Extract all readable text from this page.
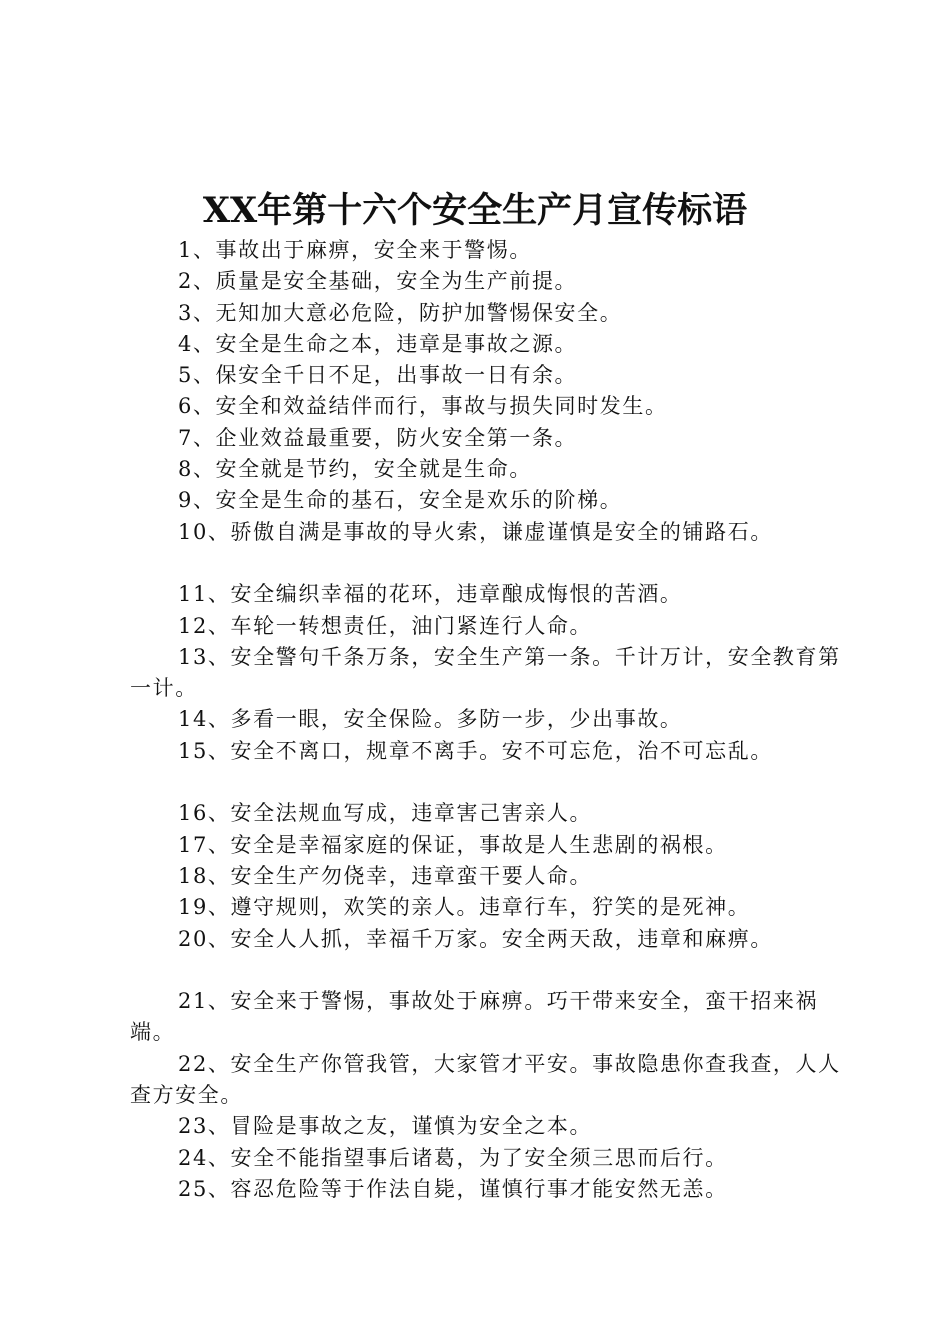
XX年第十六个安全生产月宣传标语

1、事故出于麻痹，安全来于警惕。

2、质量是安全基础，安全为生产前提。

3、无知加大意必危险，防护加警惕保安全。

4、安全是生命之本，违章是事故之源。

5、保安全千日不足，出事故一日有余。

6、安全和效益结伴而行，事故与损失同时发生。

7、企业效益最重要，防火安全第一条。

8、安全就是节约，安全就是生命。

9、安全是生命的基石，安全是欢乐的阶梯。

10、骄傲自满是事故的导火索，谦虚谨慎是安全的铺路石。

11、安全编织幸福的花环，违章酿成悔恨的苦酒。

12、车轮一转想责任，油门紧连行人命。

13、安全警句千条万条，安全生产第一条。千计万计，安全教育第一计。

14、多看一眼，安全保险。多防一步，少出事故。

15、安全不离口，规章不离手。安不可忘危，治不可忘乱。

16、安全法规血写成，违章害己害亲人。

17、安全是幸福家庭的保证，事故是人生悲剧的祸根。

18、安全生产勿侥幸，违章蛮干要人命。

19、遵守规则，欢笑的亲人。违章行车，狞笑的是死神。

20、安全人人抓，幸福千万家。安全两天敌，违章和麻痹。

21、安全来于警惕，事故处于麻痹。巧干带来安全，蛮干招来祸端。

22、安全生产你管我管，大家管才平安。事故隐患你查我查，人人查方安全。

23、冒险是事故之友，谨慎为安全之本。

24、安全不能指望事后诸葛，为了安全须三思而后行。

25、容忍危险等于作法自毙，谨慎行事才能安然无恙。
